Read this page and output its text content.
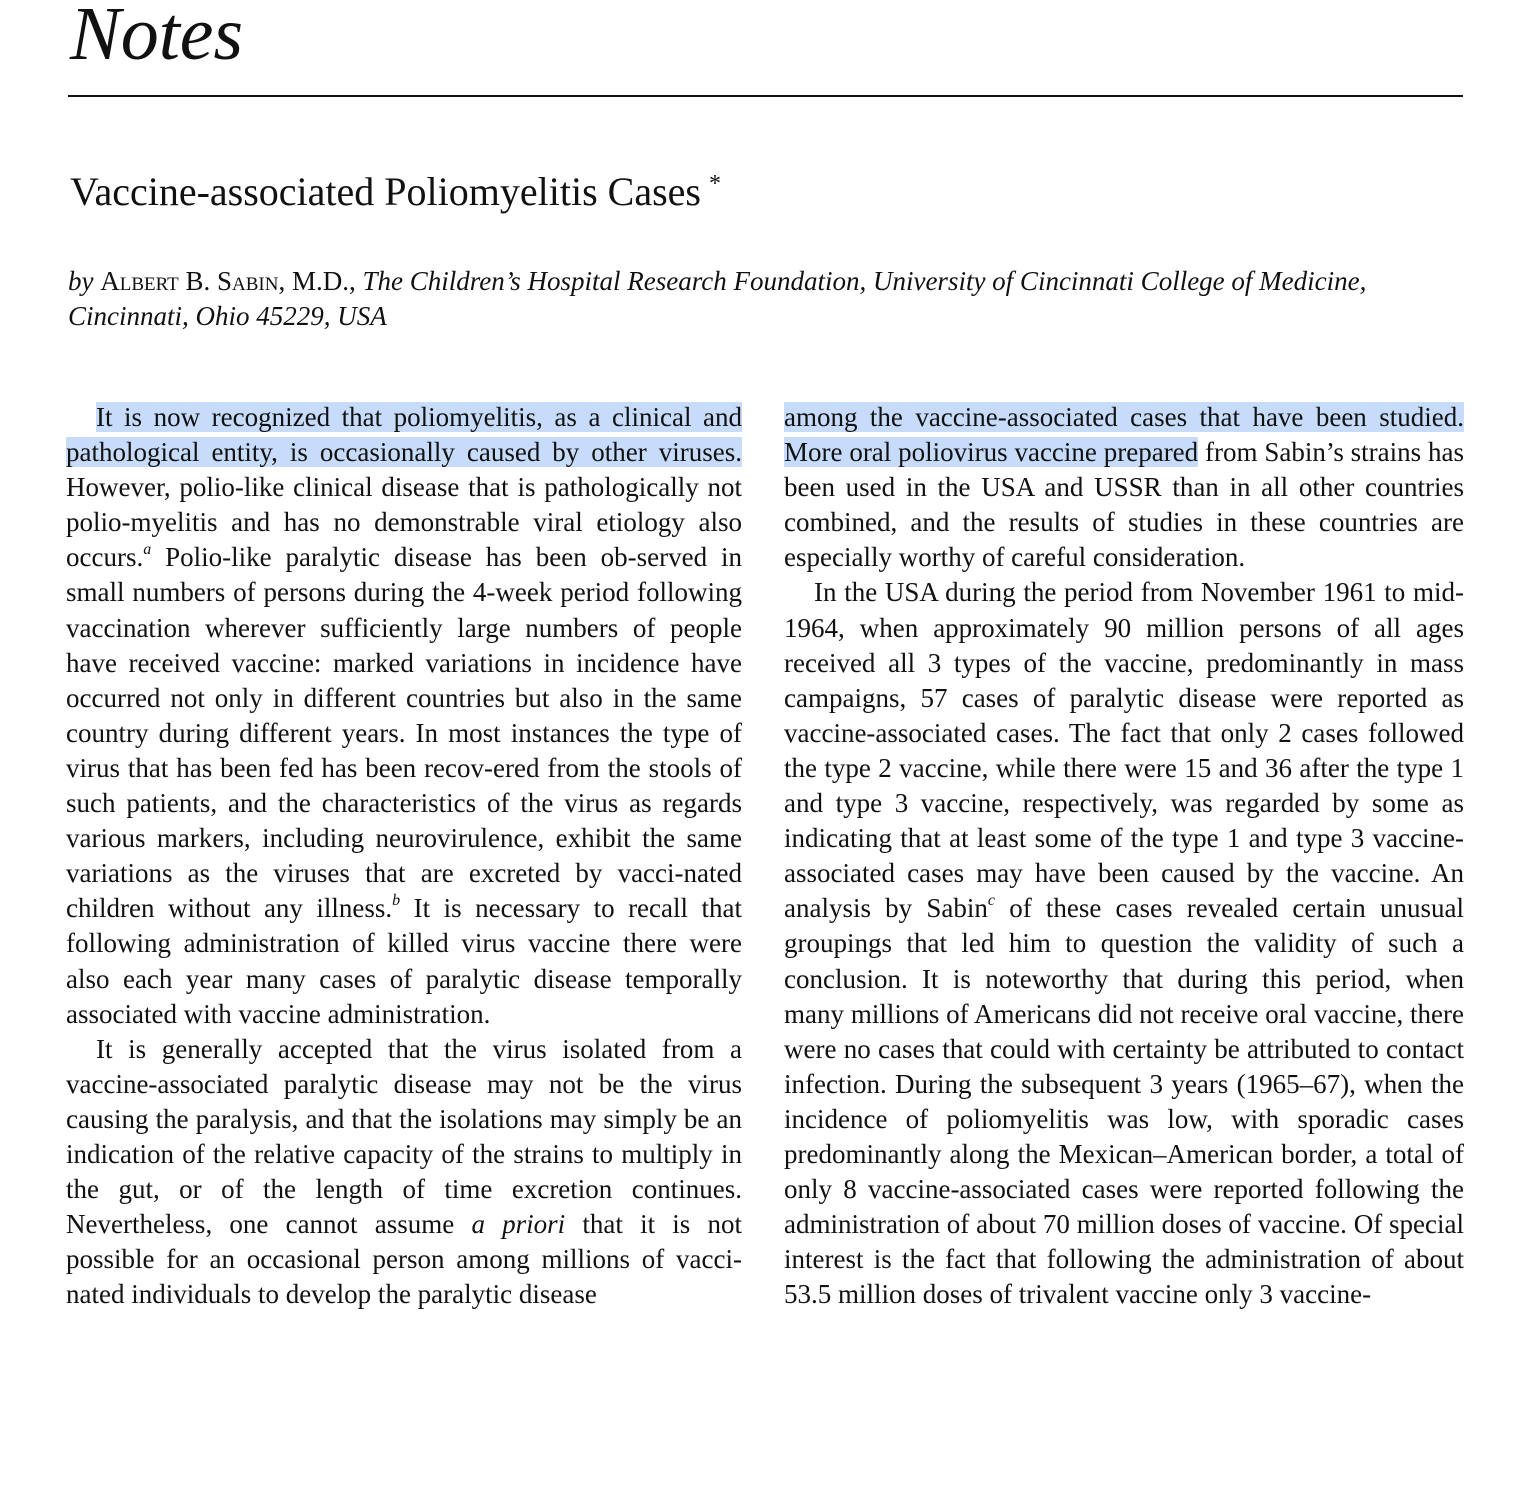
Notes
Vaccine-associated Poliomyelitis Cases *
by Albert B. Sabin, M.D., The Children’s Hospital Research Foundation, University of Cincinnati College of Medicine, Cincinnati, Ohio 45229, USA

It is now recognized that poliomyelitis, as a clinical and pathological entity, is occasionally caused by other viruses. However, polio-like clinical disease that is pathologically not polio-myelitis and has no demonstrable viral etiology also occurs.$^a$ Polio-like paralytic disease has been ob-served in small numbers of persons during the 4-week period following vaccination wherever sufficiently large numbers of people have received vaccine: marked variations in incidence have occurred not only in different countries but also in the same country during different years. In most instances the type of virus that has been fed has been recov-ered from the stools of such patients, and the characteristics of the virus as regards various markers, including neurovirulence, exhibit the same variations as the viruses that are excreted by vacci-nated children without any illness.$^b$ It is necessary to recall that following administration of killed virus vaccine there were also each year many cases of paralytic disease temporally associated with vaccine administration.

It is generally accepted that the virus isolated from a vaccine-associated paralytic disease may not be the virus causing the paralysis, and that the isolations may simply be an indication of the relative capacity of the strains to multiply in the gut, or of the length of time excretion continues. Nevertheless, one cannot assume a priori that it is not possible for an occasional person among millions of vacci-nated individuals to develop the paralytic disease

among the vaccine-associated cases that have been studied. More oral poliovirus vaccine prepared from Sabin’s strains has been used in the USA and USSR than in all other countries combined, and the results of studies in these countries are especially worthy of careful consideration.

In the USA during the period from November 1961 to mid-1964, when approximately 90 million persons of all ages received all 3 types of the vaccine, predominantly in mass campaigns, 57 cases of paralytic disease were reported as vaccine-associated cases. The fact that only 2 cases followed the type 2 vaccine, while there were 15 and 36 after the type 1 and type 3 vaccine, respectively, was regarded by some as indicating that at least some of the type 1 and type 3 vaccine-associated cases may have been caused by the vaccine. An analysis by Sabin$^c$ of these cases revealed certain unusual groupings that led him to question the validity of such a conclusion. It is noteworthy that during this period, when many millions of Americans did not receive oral vaccine, there were no cases that could with certainty be attributed to contact infection. During the subsequent 3 years (1965–67), when the incidence of poliomyelitis was low, with sporadic cases predominantly along the Mexican–American border, a total of only 8 vaccine-associated cases were reported following the administration of about 70 million doses of vaccine. Of special interest is the fact that following the administration of about 53.5 million doses of trivalent vaccine only 3 vaccine-
